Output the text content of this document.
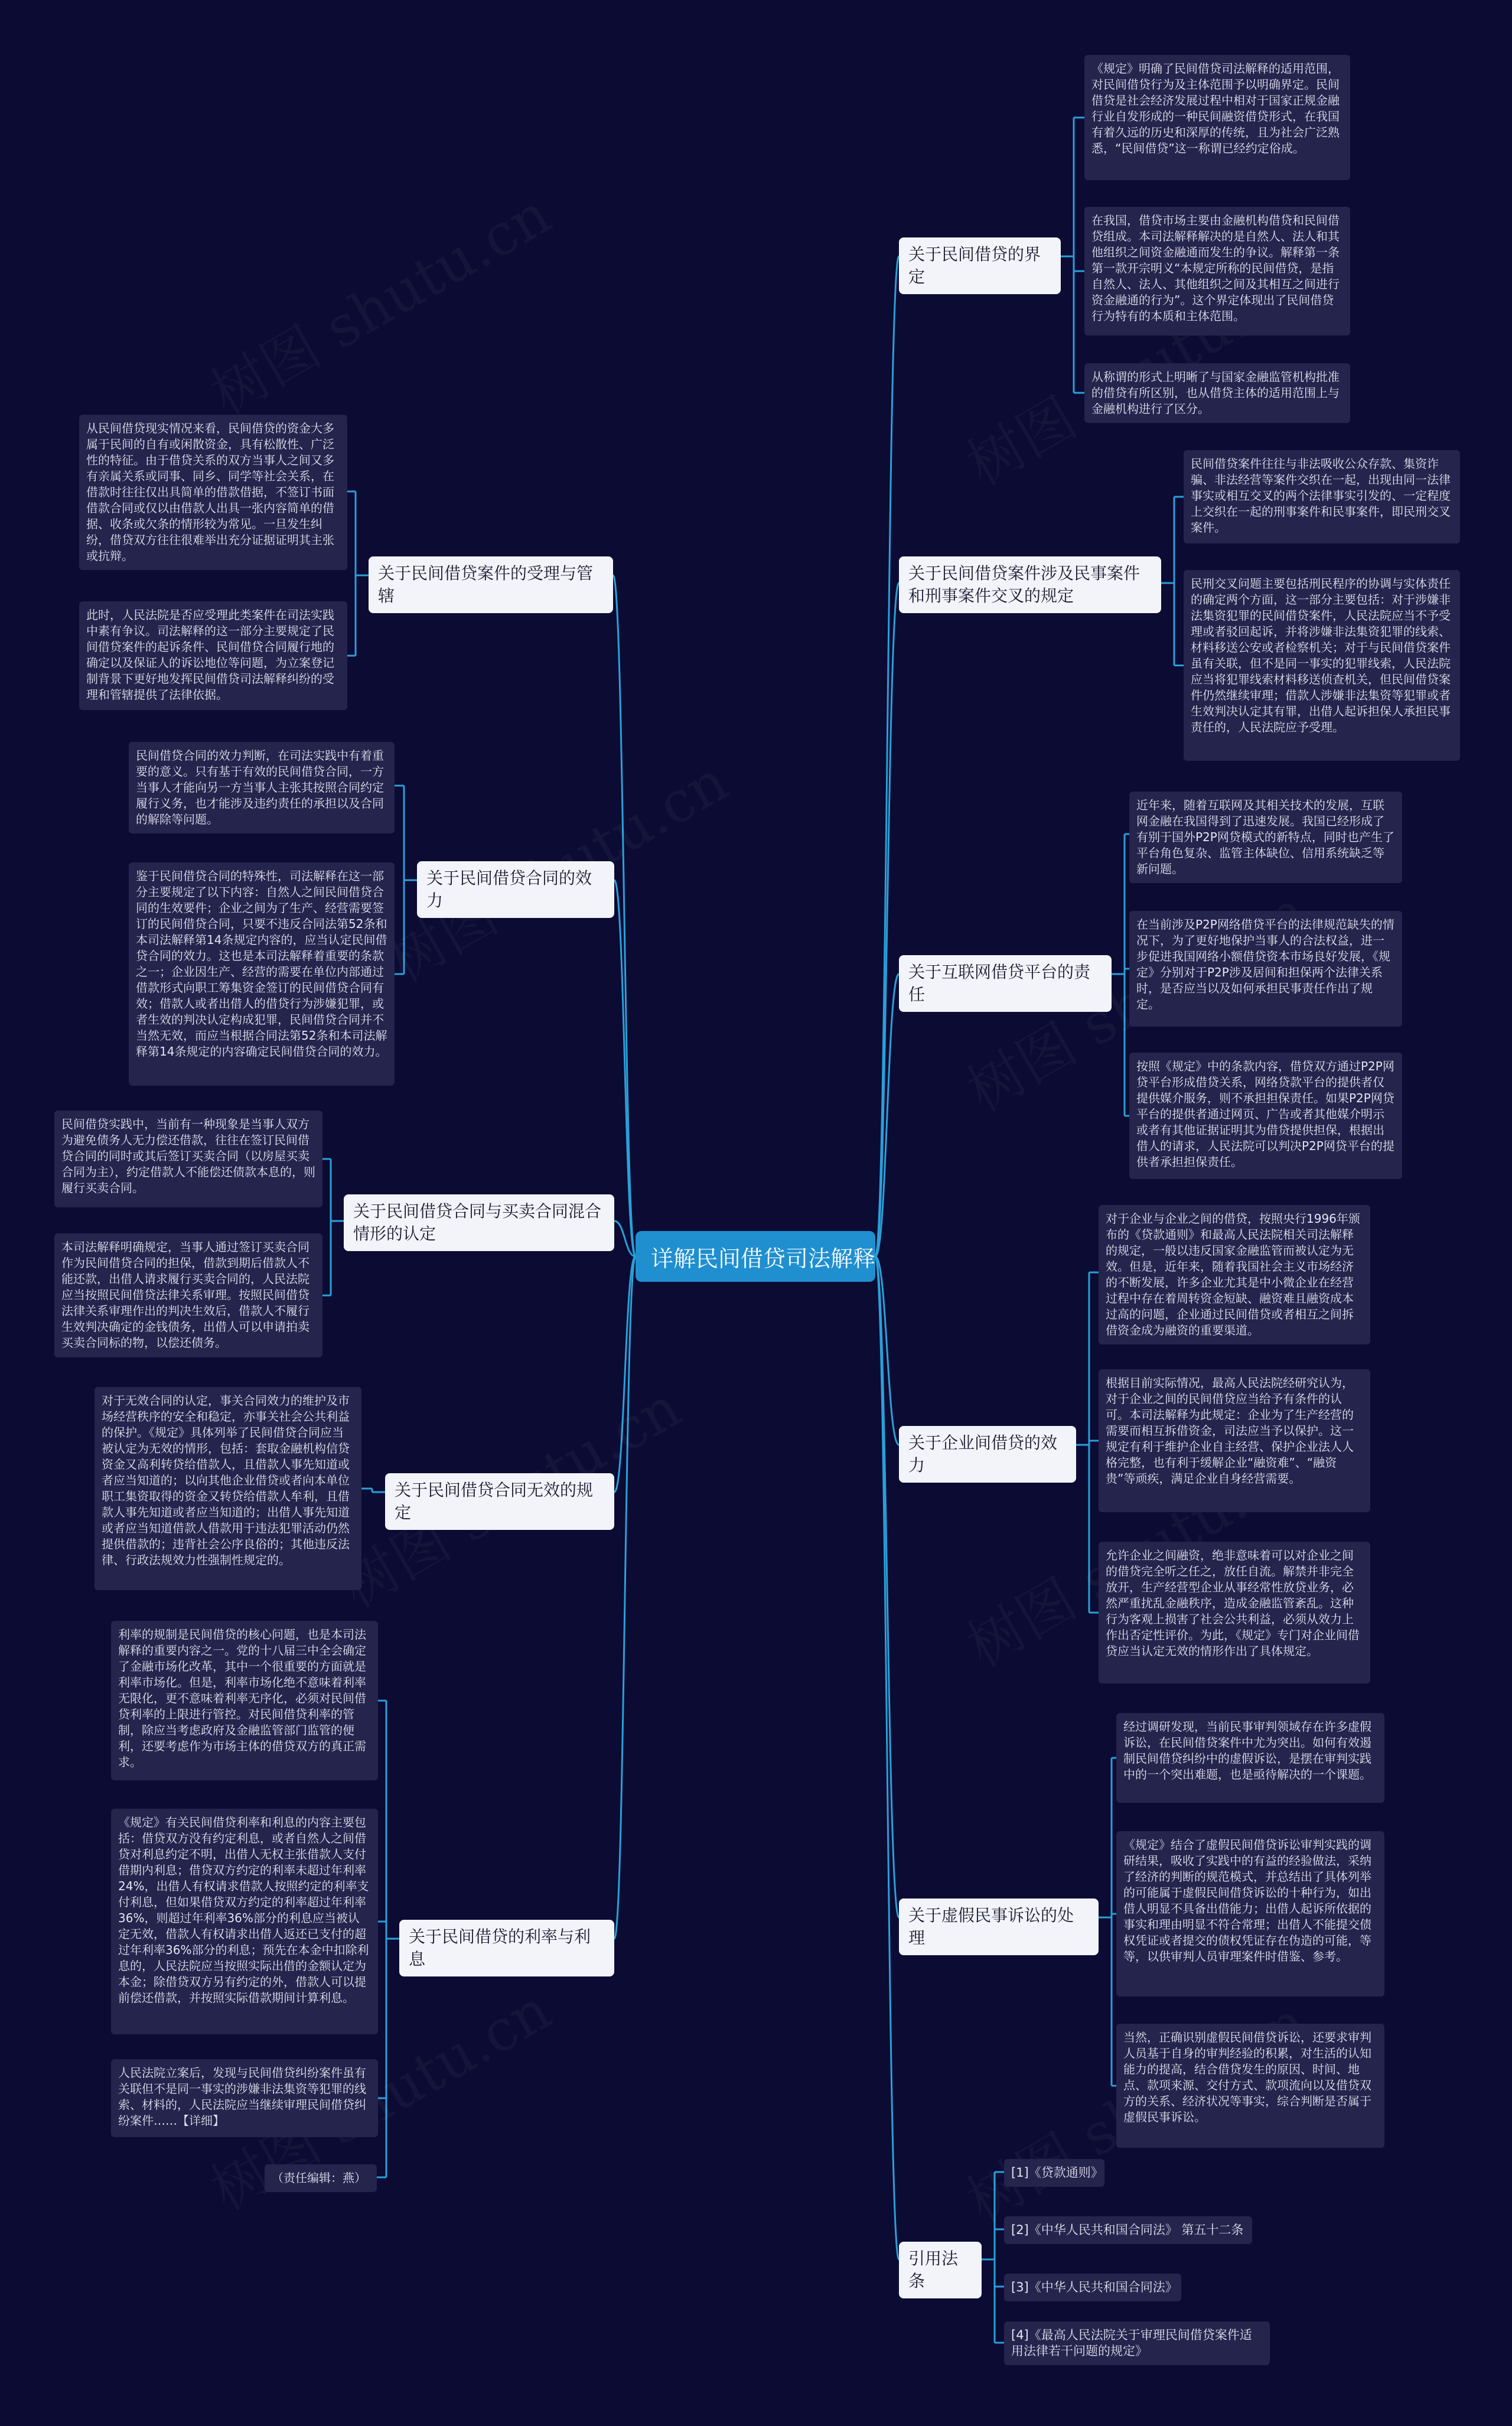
详解民间借贷司法解释
关于民间借贷的界定
《规定》明确了民间借贷司法解释的适用范围，对民间借贷行为及主体范围予以明确界定。民间借贷是社会经济发展过程中相对于国家正规金融行业自发形成的一种民间融资借贷形式，在我国有着久远的历史和深厚的传统，且为社会广泛熟悉，“民间借贷”这一称谓已经约定俗成。
在我国，借贷市场主要由金融机构借贷和民间借贷组成。本司法解释解决的是自然人、法人和其他组织之间资金融通而发生的争议。解释第一条第一款开宗明义“本规定所称的民间借贷，是指自然人、法人、其他组织之间及其相互之间进行资金融通的行为”。这个界定体现出了民间借贷行为特有的本质和主体范围。
从称谓的形式上明晰了与国家金融监管机构批准的借贷有所区别，也从借贷主体的适用范围上与金融机构进行了区分。
关于民间借贷案件涉及民事案件和刑事案件交叉的规定
民间借贷案件往往与非法吸收公众存款、集资诈骗、非法经营等案件交织在一起，出现由同一法律事实或相互交叉的两个法律事实引发的、一定程度上交织在一起的刑事案件和民事案件，即民刑交叉案件。
民刑交叉问题主要包括刑民程序的协调与实体责任的确定两个方面，这一部分主要包括：对于涉嫌非法集资犯罪的民间借贷案件，人民法院应当不予受理或者驳回起诉，并将涉嫌非法集资犯罪的线索、材料移送公安或者检察机关；对于与民间借贷案件虽有关联，但不是同一事实的犯罪线索，人民法院应当将犯罪线索材料移送侦查机关，但民间借贷案件仍然继续审理；借款人涉嫌非法集资等犯罪或者生效判决认定其有罪，出借人起诉担保人承担民事责任的，人民法院应予受理。
关于互联网借贷平台的责任
近年来，随着互联网及其相关技术的发展，互联网金融在我国得到了迅速发展。我国已经形成了有别于国外P2P网贷模式的新特点，同时也产生了平台角色复杂、监管主体缺位、信用系统缺乏等新问题。
在当前涉及P2P网络借贷平台的法律规范缺失的情况下，为了更好地保护当事人的合法权益，进一步促进我国网络小额借贷资本市场良好发展，《规定》分别对于P2P涉及居间和担保两个法律关系时，是否应当以及如何承担民事责任作出了规定。
按照《规定》中的条款内容，借贷双方通过P2P网贷平台形成借贷关系，网络贷款平台的提供者仅提供媒介服务，则不承担担保责任。如果P2P网贷平台的提供者通过网页、广告或者其他媒介明示或者有其他证据证明其为借贷提供担保，根据出借人的请求，人民法院可以判决P2P网贷平台的提供者承担担保责任。
关于企业间借贷的效力
对于企业与企业之间的借贷，按照央行1996年颁布的《贷款通则》和最高人民法院相关司法解释的规定，一般以违反国家金融监管而被认定为无效。但是，近年来，随着我国社会主义市场经济的不断发展，许多企业尤其是中小微企业在经营过程中存在着周转资金短缺、融资难且融资成本过高的问题，企业通过民间借贷或者相互之间拆借资金成为融资的重要渠道。
根据目前实际情况，最高人民法院经研究认为，对于企业之间的民间借贷应当给予有条件的认可。本司法解释为此规定：企业为了生产经营的需要而相互拆借资金，司法应当予以保护。这一规定有利于维护企业自主经营、保护企业法人人格完整，也有利于缓解企业“融资难”、“融资贵”等顽疾，满足企业自身经营需要。
允许企业之间融资，绝非意味着可以对企业之间的借贷完全听之任之，放任自流。解禁并非完全放开，生产经营型企业从事经常性放贷业务，必然严重扰乱金融秩序，造成金融监管紊乱。这种行为客观上损害了社会公共利益，必须从效力上作出否定性评价。为此，《规定》专门对企业间借贷应当认定无效的情形作出了具体规定。
关于虚假民事诉讼的处理
经过调研发现，当前民事审判领域存在许多虚假诉讼，在民间借贷案件中尤为突出。如何有效遏制民间借贷纠纷中的虚假诉讼，是摆在审判实践中的一个突出难题，也是亟待解决的一个课题。
《规定》结合了虚假民间借贷诉讼审判实践的调研结果，吸收了实践中的有益的经验做法，采纳了经济的判断的规范模式，并总结出了具体列举的可能属于虚假民间借贷诉讼的十种行为，如出借人明显不具备出借能力；出借人起诉所依据的事实和理由明显不符合常理；出借人不能提交债权凭证或者提交的债权凭证存在伪造的可能，等等，以供审判人员审理案件时借鉴、参考。
当然，正确识别虚假民间借贷诉讼，还要求审判人员基于自身的审判经验的积累，对生活的认知能力的提高，结合借贷发生的原因、时间、地点、款项来源、交付方式、款项流向以及借贷双方的关系、经济状况等事实，综合判断是否属于虚假民事诉讼。
引用法条
[1]《贷款通则》
[2]《中华人民共和国合同法》 第五十二条
[3]《中华人民共和国合同法》
[4]《最高人民法院关于审理民间借贷案件适用法律若干问题的规定》
关于民间借贷案件的受理与管辖
从民间借贷现实情况来看，民间借贷的资金大多属于民间的自有或闲散资金，具有松散性、广泛性的特征。由于借贷关系的双方当事人之间又多有亲属关系或同事、同乡、同学等社会关系，在借款时往往仅出具简单的借款借据，不签订书面借款合同或仅以由借款人出具一张内容简单的借据、收条或欠条的情形较为常见。一旦发生纠纷，借贷双方往往很难举出充分证据证明其主张或抗辩。
此时，人民法院是否应受理此类案件在司法实践中素有争议。司法解释的这一部分主要规定了民间借贷案件的起诉条件、民间借贷合同履行地的确定以及保证人的诉讼地位等问题，为立案登记制背景下更好地发挥民间借贷司法解释纠纷的受理和管辖提供了法律依据。
关于民间借贷合同的效力
民间借贷合同的效力判断，在司法实践中有着重要的意义。只有基于有效的民间借贷合同，一方当事人才能向另一方当事人主张其按照合同约定履行义务，也才能涉及违约责任的承担以及合同的解除等问题。
鉴于民间借贷合同的特殊性，司法解释在这一部分主要规定了以下内容：自然人之间民间借贷合同的生效要件；企业之间为了生产、经营需要签订的民间借贷合同，只要不违反合同法第52条和本司法解释第14条规定内容的，应当认定民间借贷合同的效力。这也是本司法解释着重要的条款之一；企业因生产、经营的需要在单位内部通过借款形式向职工筹集资金签订的民间借贷合同有效；借款人或者出借人的借贷行为涉嫌犯罪，或者生效的判决认定构成犯罪，民间借贷合同并不当然无效，而应当根据合同法第52条和本司法解释第14条规定的内容确定民间借贷合同的效力。
关于民间借贷合同与买卖合同混合情形的认定
民间借贷实践中，当前有一种现象是当事人双方为避免债务人无力偿还借款，往往在签订民间借贷合同的同时或其后签订买卖合同（以房屋买卖合同为主），约定借款人不能偿还债款本息的，则履行买卖合同。
本司法解释明确规定，当事人通过签订买卖合同作为民间借贷合同的担保，借款到期后借款人不能还款，出借人请求履行买卖合同的，人民法院应当按照民间借贷法律关系审理。按照民间借贷法律关系审理作出的判决生效后，借款人不履行生效判决确定的金钱债务，出借人可以申请拍卖买卖合同标的物，以偿还债务。
关于民间借贷合同无效的规定
对于无效合同的认定，事关合同效力的维护及市场经营秩序的安全和稳定，亦事关社会公共利益的保护。《规定》具体列举了民间借贷合同应当被认定为无效的情形，包括：套取金融机构信贷资金又高利转贷给借款人，且借款人事先知道或者应当知道的；以向其他企业借贷或者向本单位职工集资取得的资金又转贷给借款人牟利，且借款人事先知道或者应当知道的；出借人事先知道或者应当知道借款人借款用于违法犯罪活动仍然提供借款的；违背社会公序良俗的；其他违反法律、行政法规效力性强制性规定的。
关于民间借贷的利率与利息
利率的规制是民间借贷的核心问题，也是本司法解释的重要内容之一。党的十八届三中全会确定了金融市场化改革，其中一个很重要的方面就是利率市场化。但是，利率市场化绝不意味着利率无限化，更不意味着利率无序化，必须对民间借贷利率的上限进行管控。对民间借贷利率的管制，除应当考虑政府及金融监管部门监管的便利，还要考虑作为市场主体的借贷双方的真正需求。
《规定》有关民间借贷利率和利息的内容主要包括：借贷双方没有约定利息，或者自然人之间借贷对利息约定不明，出借人无权主张借款人支付借期内利息；借贷双方约定的利率未超过年利率24%，出借人有权请求借款人按照约定的利率支付利息，但如果借贷双方约定的利率超过年利率36%，则超过年利率36%部分的利息应当被认定无效，借款人有权请求出借人返还已支付的超过年利率36%部分的利息；预先在本金中扣除利息的，人民法院应当按照实际出借的金额认定为本金；除借贷双方另有约定的外，借款人可以提前偿还借款，并按照实际借款期间计算利息。
人民法院立案后，发现与民间借贷纠纷案件虽有关联但不是同一事实的涉嫌非法集资等犯罪的线索、材料的，人民法院应当继续审理民间借贷纠纷案件……【详细】
（责任编辑：燕）
